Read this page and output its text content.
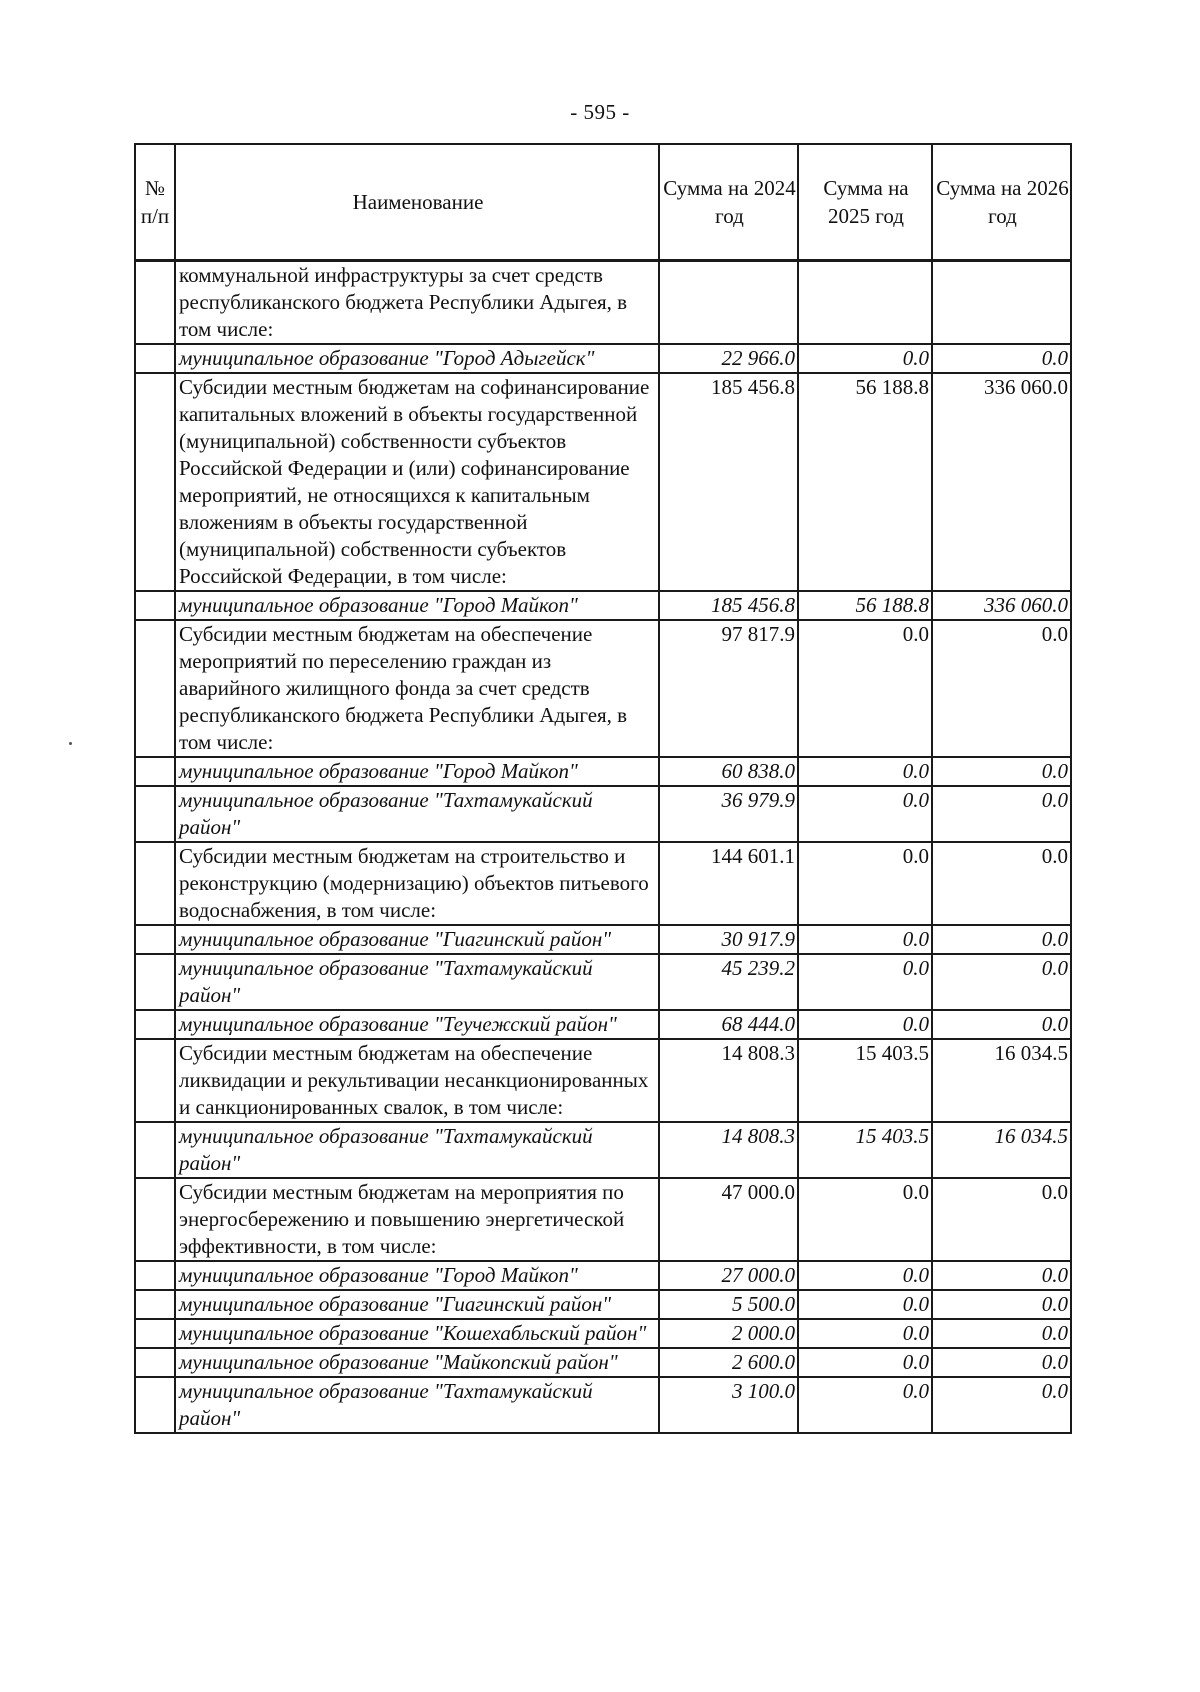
- 595 -
№ п/п	Наименование	Сумма на 2024 год	Сумма на 2025 год	Сумма на 2026 год
	коммунальной инфраструктуры за счет средств республиканского бюджета Республики Адыгея, в том числе:			
	муниципальное образование "Город Адыгейск"	22 966.0	0.0	0.0
	Субсидии местным бюджетам на софинансирование капитальных вложений в объекты государственной (муниципальной) собственности субъектов Российской Федерации и (или) софинансирование мероприятий, не относящихся к капитальным вложениям в объекты государственной (муниципальной) собственности субъектов Российской Федерации, в том числе:	185 456.8	56 188.8	336 060.0
	муниципальное образование "Город Майкоп"	185 456.8	56 188.8	336 060.0
	Субсидии местным бюджетам на обеспечение мероприятий по переселению граждан из аварийного жилищного фонда за счет средств республиканского бюджета Республики Адыгея, в том числе:	97 817.9	0.0	0.0
	муниципальное образование "Город Майкоп"	60 838.0	0.0	0.0
	муниципальное образование "Тахтамукайский район"	36 979.9	0.0	0.0
	Субсидии местным бюджетам на строительство и реконструкцию (модернизацию) объектов питьевого водоснабжения, в том числе:	144 601.1	0.0	0.0
	муниципальное образование "Гиагинский район"	30 917.9	0.0	0.0
	муниципальное образование "Тахтамукайский район"	45 239.2	0.0	0.0
	муниципальное образование "Теучежский район"	68 444.0	0.0	0.0
	Субсидии местным бюджетам на обеспечение ликвидации и рекультивации несанкционированных и санкционированных свалок, в том числе:	14 808.3	15 403.5	16 034.5
	муниципальное образование "Тахтамукайский район"	14 808.3	15 403.5	16 034.5
	Субсидии местным бюджетам на мероприятия по энергосбережению и повышению энергетической эффективности, в том числе:	47 000.0	0.0	0.0
	муниципальное образование "Город Майкоп"	27 000.0	0.0	0.0
	муниципальное образование "Гиагинский район"	5 500.0	0.0	0.0
	муниципальное образование "Кошехабльский район"	2 000.0	0.0	0.0
	муниципальное образование "Майкопский район"	2 600.0	0.0	0.0
	муниципальное образование "Тахтамукайский район"	3 100.0	0.0	0.0
